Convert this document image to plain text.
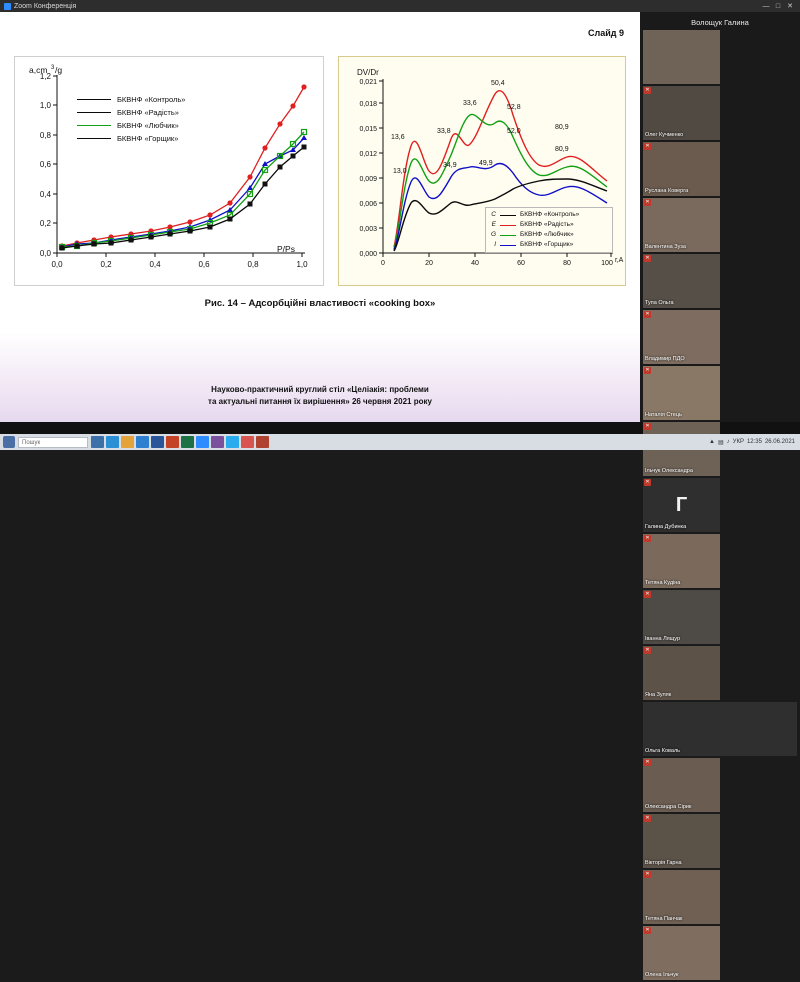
Zoom Конференція	— □ ✕
Слайд 9
0,0
0,2
0,4
0,6
0,8
1,0
1,2
0,0	0,2	0,4	0,6	0,8	1,0
a,cm 3 /g
P/Ps
БКВНФ «Контроль»
БКВНФ «Радість»
БКВНФ «Любчик»
БКВНФ «Горщик»
0,000
0,003
0,006
0,009
0,012
0,015
0,018
0,021
0	20	40	60	80	100 г,А
DV/Dr
13,6
13,0
33,8
34,9
33,6
49,9
50,4
52,8
52,0
80,9
80,9
C	БКВНФ «Контроль»
E	БКВНФ «Радість»
G	БКВНФ «Любчик»
I	БКВНФ «Горщик»
Рис. 14 – Адсорбційні властивості «cooking box»
Науково-практичний круглий стіл «Целіакія: проблеми
та актуальні питання їх вирішення» 26 червня 2021 року
Волощук Галина
✕
Олег Кучменко
✕
Руслана Коверга
✕
Валентина Зуза
✕
Тупа Ольга
✕
Владимир ПДО
✕
Наталія Стець
✕
Ільчук Олександра
Г
✕
Галина Дубинка
✕
Тетяна Кудіна
✕
Іванна Лящур
✕
Яна Зуляк
Ольга Коваль
✕
Олександра Сірик
✕
Вікторія Гарна
✕
Тетяна Панчак
✕
Олена Ільчук
Пошук	▲ ▤ ♪ УКР 12:35 26.06.2021
